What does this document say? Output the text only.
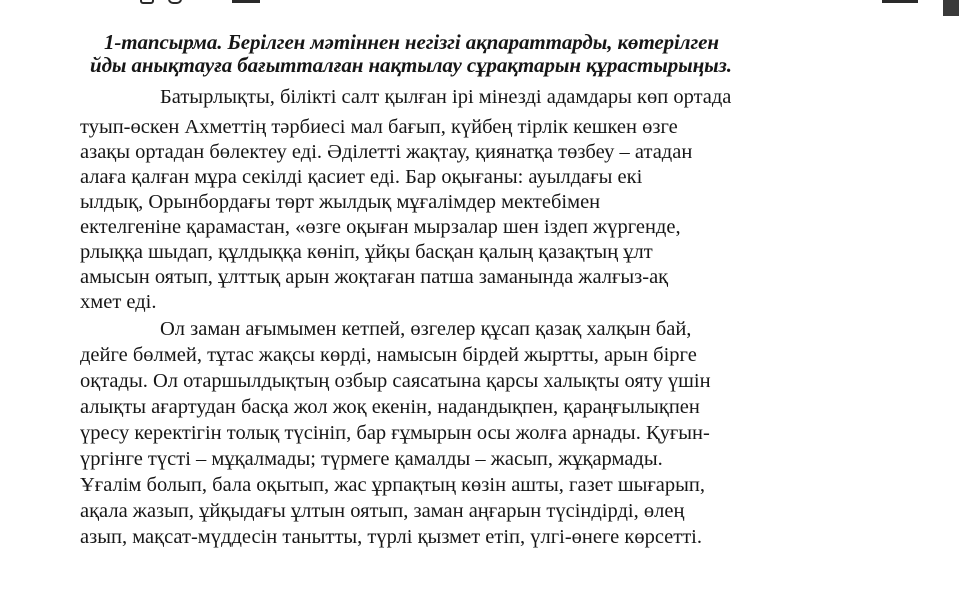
1-тапсырма. Берілген мәтіннен негізгі ақпараттарды, көтерілген
йды анықтауға бағытталған нақтылау сұрақтарын құрастырыңыз.
Батырлықты, білікті салт қылған ірі мінезді адамдары көп ортада
туып-өскен Ахметтің тәрбиесі мал бағып, күйбең тірлік кешкен өзге
азақы ортадан бөлектеу еді. Әділетті жақтау, қиянатқа төзбеу – атадан
алаға қалған мұра секілді қасиет еді. Бар оқығаны: ауылдағы екі
ылдық, Орынбордағы төрт жылдық мұғалімдер мектебімен
ектелгеніне қарамастан, «өзге оқыған мырзалар шен іздеп жүргенде,
рлыққа шыдап, құлдыққа көніп, ұйқы басқан қалың қазақтың ұлт
амысын оятып, ұлттық арын жоқтаған патша заманында жалғыз-ақ
хмет еді.
Ол заман ағымымен кетпей, өзгелер құсап қазақ халқын бай,
дейге бөлмей, тұтас жақсы көрді, намысын бірдей жыртты, арын бірге
оқтады. Ол отаршылдықтың озбыр саясатына қарсы халықты ояту үшін
алықты ағартудан басқа жол жоқ екенін, надандықпен, қараңғылықпен
үресу керектігін толық түсініп, бар ғұмырын осы жолға арнады. Қуғын-
үргінге түсті – мұқалмады; түрмеге қамалды – жасып, жұқармады.
Ұғалім болып, бала оқытып, жас ұрпақтың көзін ашты, газет шығарып,
ақала жазып, ұйқыдағы ұлтын оятып, заман аңғарын түсіндірді, өлең
азып, мақсат-мүддесін танытты, түрлі қызмет етіп, үлгі-өнеге көрсетті.
